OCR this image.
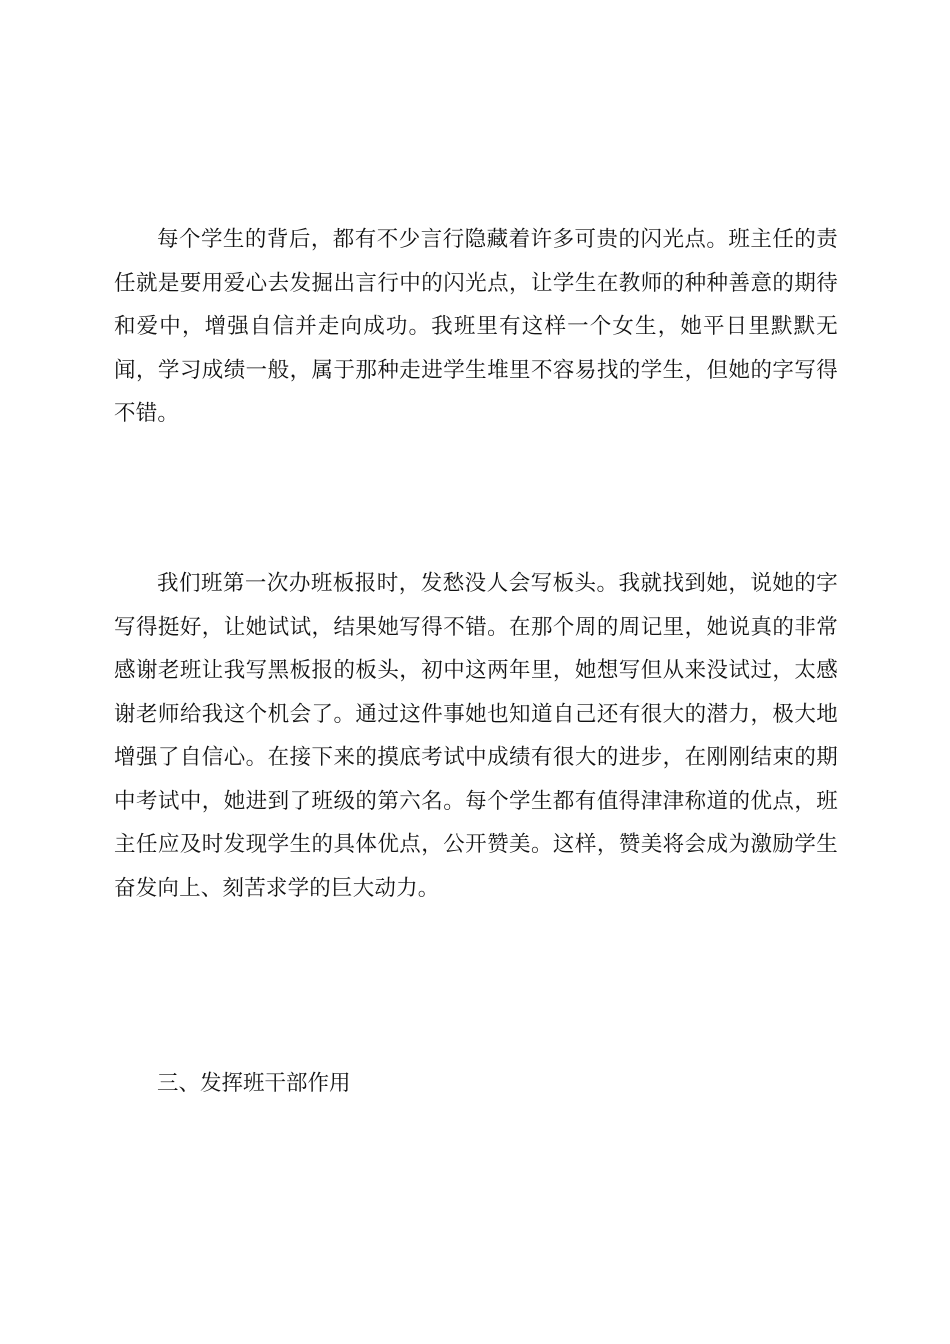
每个学生的背后，都有不少言行隐藏着许多可贵的闪光点。班主任的责任就是要用爱心去发掘出言行中的闪光点，让学生在教师的种种善意的期待和爱中，增强自信并走向成功。我班里有这样一个女生，她平日里默默无闻，学习成绩一般，属于那种走进学生堆里不容易找的学生，但她的字写得不错。

我们班第一次办班板报时，发愁没人会写板头。我就找到她，说她的字写得挺好，让她试试，结果她写得不错。在那个周的周记里，她说真的非常感谢老班让我写黑板报的板头，初中这两年里，她想写但从来没试过，太感谢老师给我这个机会了。通过这件事她也知道自己还有很大的潜力，极大地增强了自信心。在接下来的摸底考试中成绩有很大的进步，在刚刚结束的期中考试中，她进到了班级的第六名。每个学生都有值得津津称道的优点，班主任应及时发现学生的具体优点，公开赞美。这样，赞美将会成为激励学生奋发向上、刻苦求学的巨大动力。

三、发挥班干部作用
